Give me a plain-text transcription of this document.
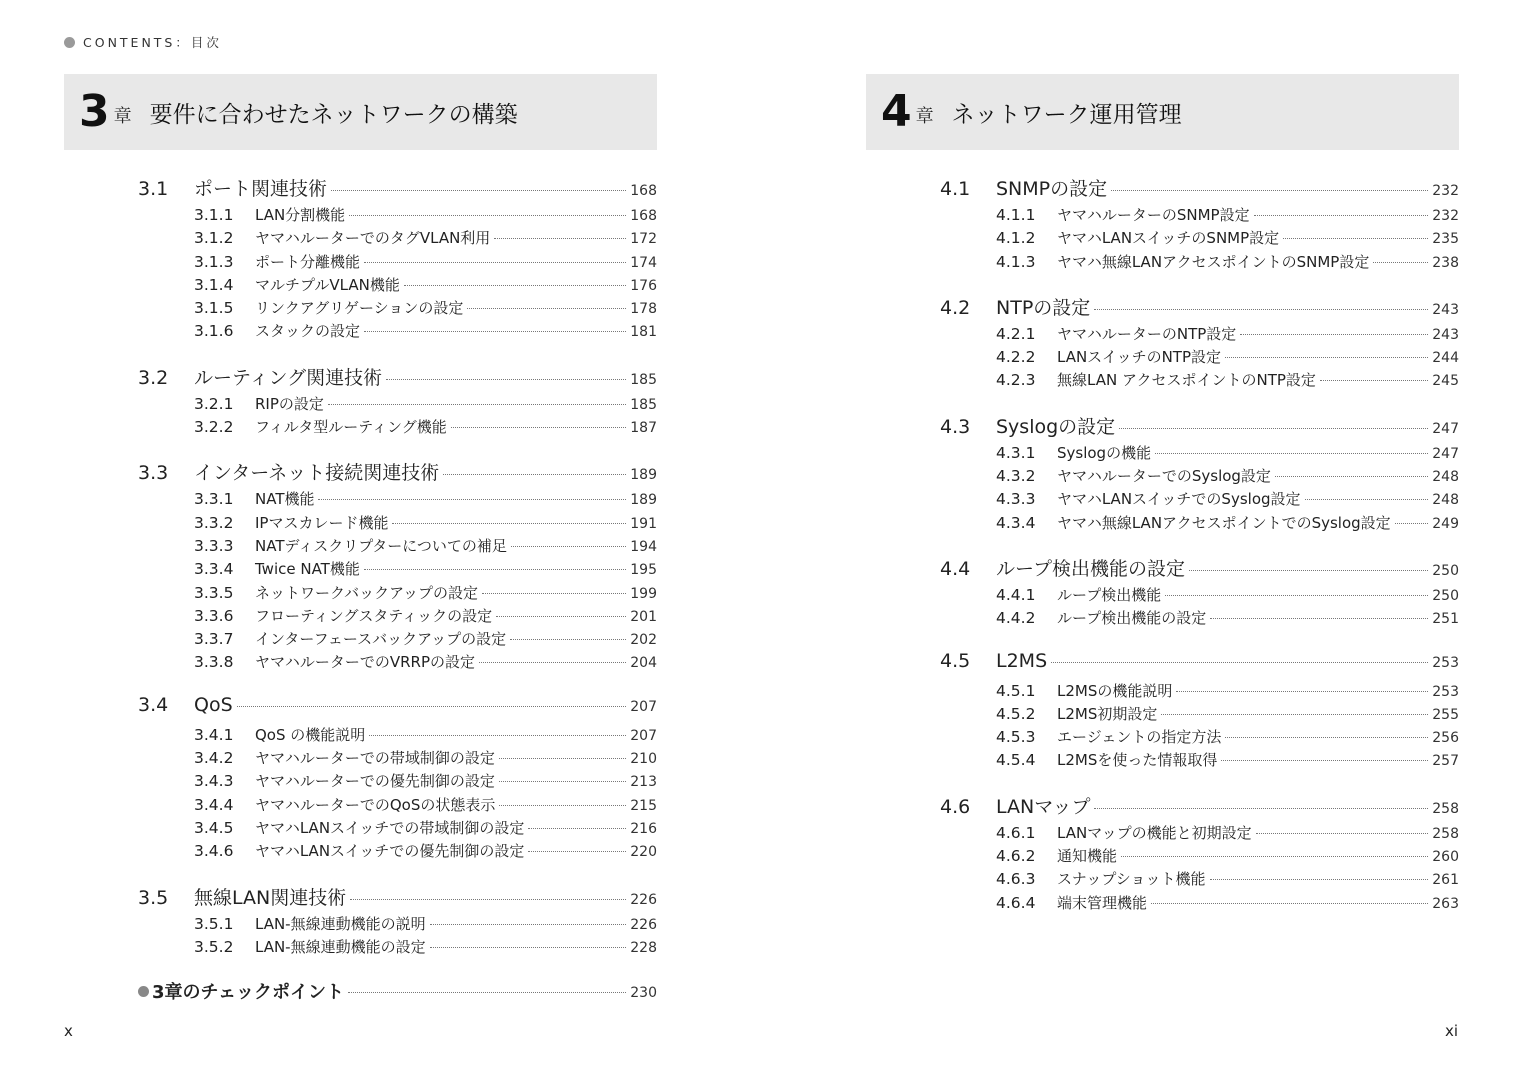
CONTENTS：目次
3 章 要件に合わせたネットワークの構築
3.1	ポート関連技術	168
3.1.1	LAN分割機能	168
3.1.2	ヤマハルーターでのタグVLAN利用	172
3.1.3	ポート分離機能	174
3.1.4	マルチプルVLAN機能	176
3.1.5	リンクアグリゲーションの設定	178
3.1.6	スタックの設定	181
3.2	ルーティング関連技術	185
3.2.1	RIPの設定	185
3.2.2	フィルタ型ルーティング機能	187
3.3	インターネット接続関連技術	189
3.3.1	NAT機能	189
3.3.2	IPマスカレード機能	191
3.3.3	NATディスクリプターについての補足	194
3.3.4	Twice NAT機能	195
3.3.5	ネットワークバックアップの設定	199
3.3.6	フローティングスタティックの設定	201
3.3.7	インターフェースバックアップの設定	202
3.3.8	ヤマハルーターでのVRRPの設定	204
3.4	QoS	207
3.4.1	QoS の機能説明	207
3.4.2	ヤマハルーターでの帯域制御の設定	210
3.4.3	ヤマハルーターでの優先制御の設定	213
3.4.4	ヤマハルーターでのQoSの状態表示	215
3.4.5	ヤマハLANスイッチでの帯域制御の設定	216
3.4.6	ヤマハLANスイッチでの優先制御の設定	220
3.5	無線LAN関連技術	226
3.5.1	LAN-無線連動機能の説明	226
3.5.2	LAN-無線連動機能の設定	228
3章のチェックポイント	230
4 章 ネットワーク運用管理
4.1	SNMPの設定	232
4.1.1	ヤマハルーターのSNMP設定	232
4.1.2	ヤマハLANスイッチのSNMP設定	235
4.1.3	ヤマハ無線LANアクセスポイントのSNMP設定	238
4.2	NTPの設定	243
4.2.1	ヤマハルーターのNTP設定	243
4.2.2	LANスイッチのNTP設定	244
4.2.3	無線LAN アクセスポイントのNTP設定	245
4.3	Syslogの設定	247
4.3.1	Syslogの機能	247
4.3.2	ヤマハルーターでのSyslog設定	248
4.3.3	ヤマハLANスイッチでのSyslog設定	248
4.3.4	ヤマハ無線LANアクセスポイントでのSyslog設定	249
4.4	ループ検出機能の設定	250
4.4.1	ループ検出機能	250
4.4.2	ループ検出機能の設定	251
4.5	L2MS	253
4.5.1	L2MSの機能説明	253
4.5.2	L2MS初期設定	255
4.5.3	エージェントの指定方法	256
4.5.4	L2MSを使った情報取得	257
4.6	LANマップ	258
4.6.1	LANマップの機能と初期設定	258
4.6.2	通知機能	260
4.6.3	スナップショット機能	261
4.6.4	端末管理機能	263
x	xi
